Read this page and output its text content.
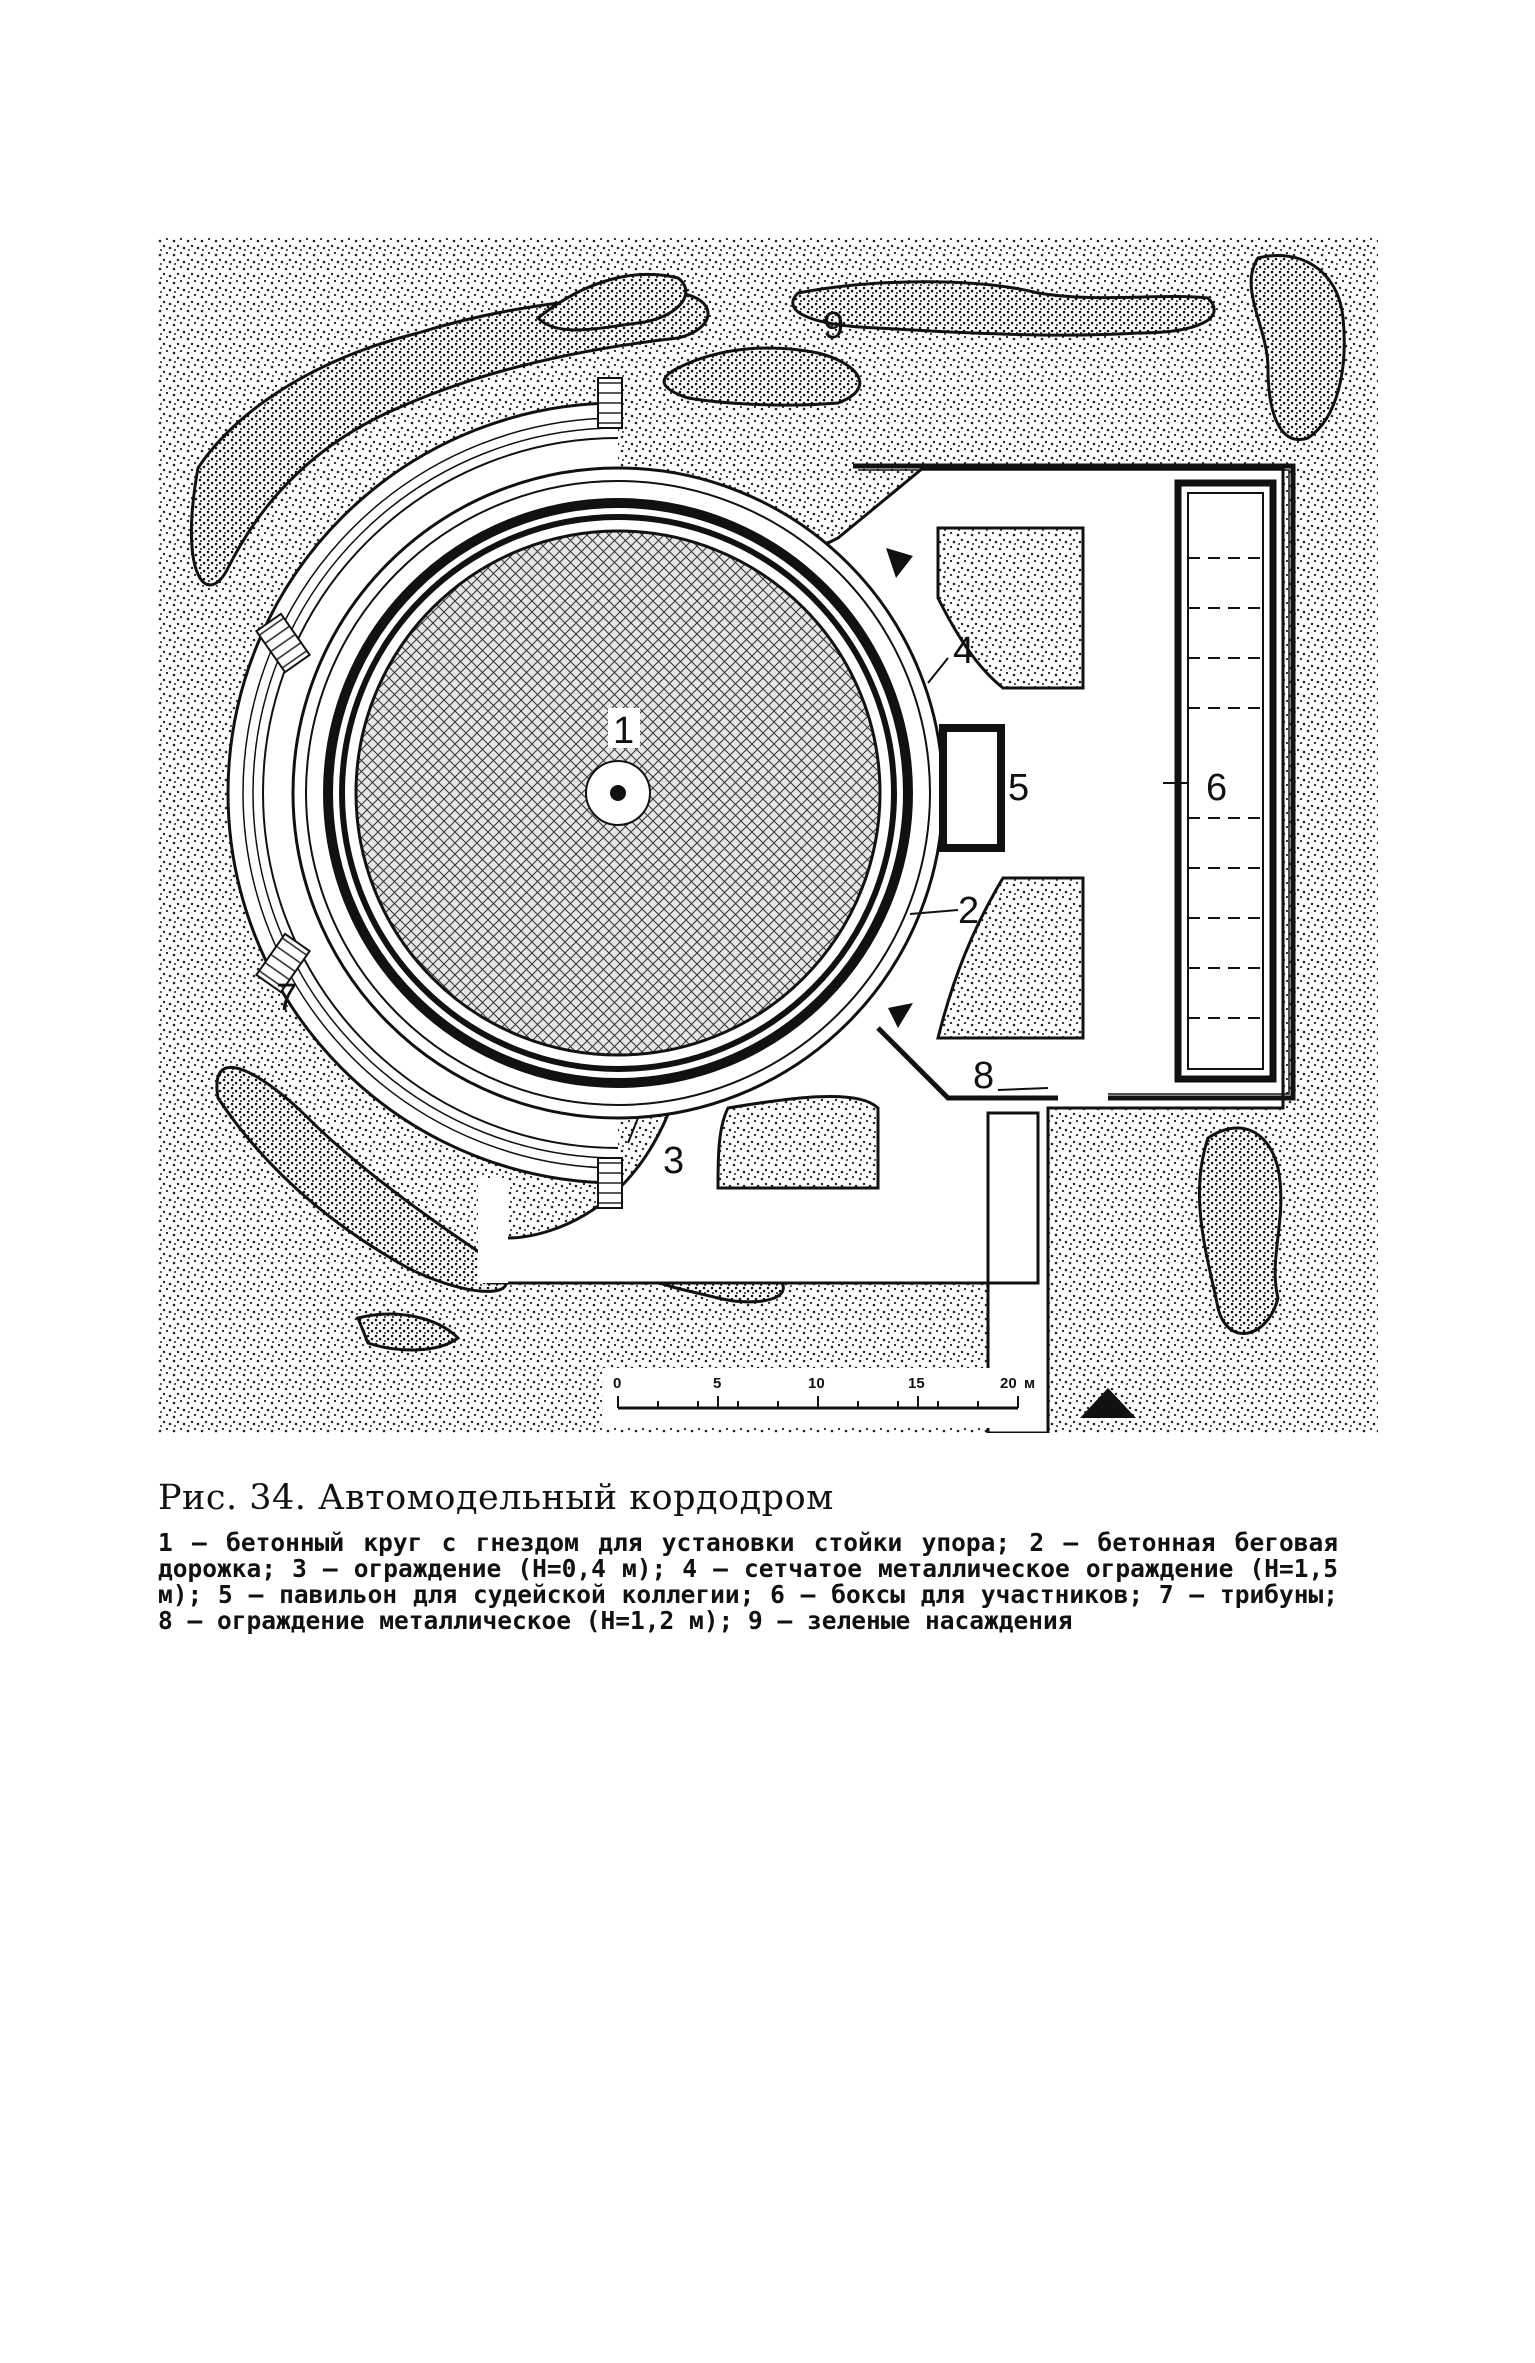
1
2
3
4
5	6
7
8
9
0	5	10	15	20 м
Рис. 34. Автомодельный кордодром
1 — бетонный круг с гнездом для установки стойки упора; 2 — бетонная беговая дорожка; 3 — ограждение (Н=0,4 м); 4 — сетчатое металлическое ограждение (Н=1,5 м); 5 — павильон для судейской коллегии; 6 — боксы для участников; 7 — трибуны; 8 — ограждение металлическое (Н=1,2 м); 9 — зеленые насаждения
